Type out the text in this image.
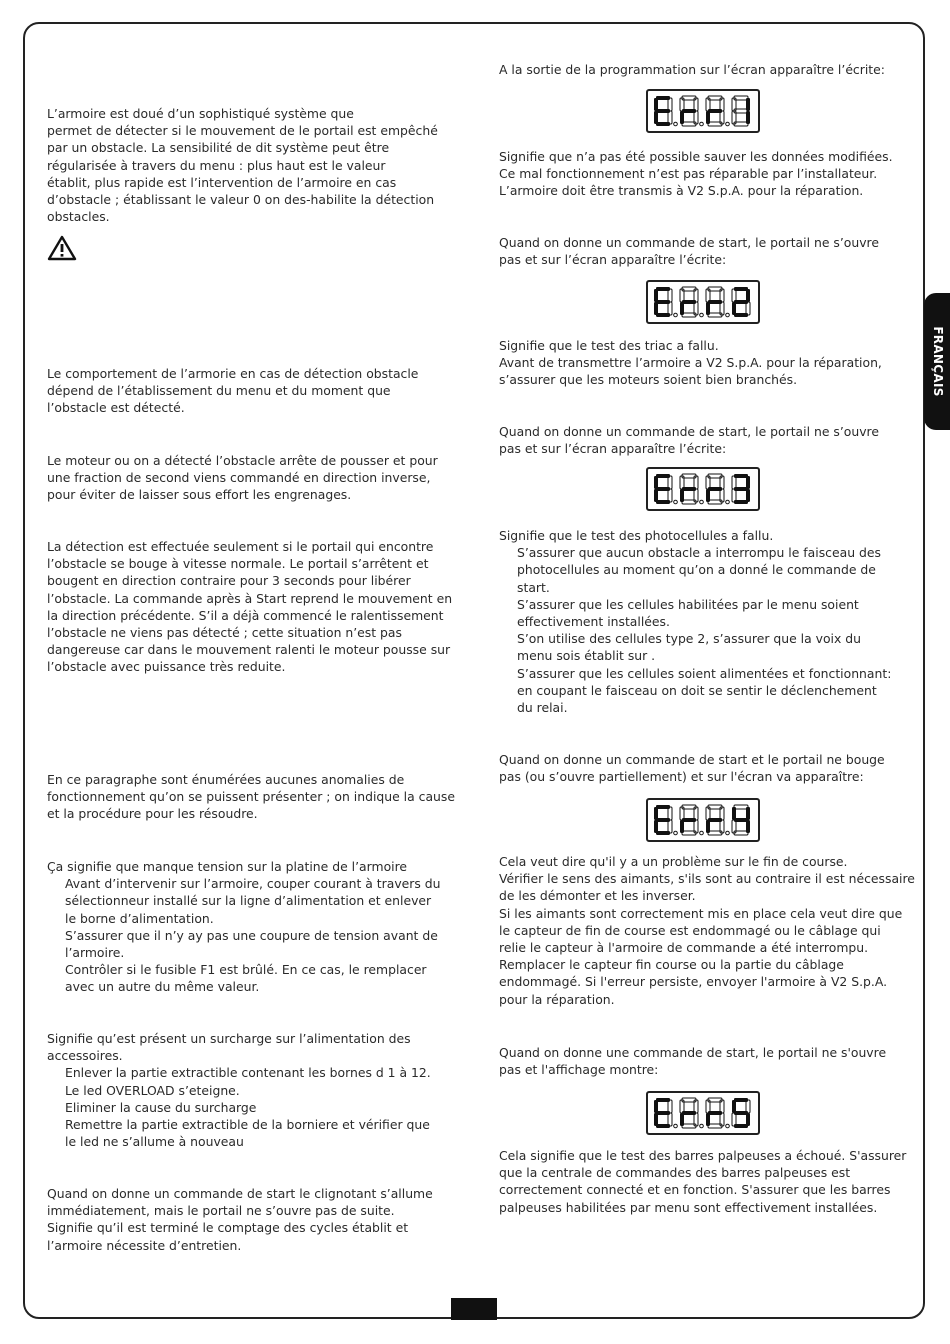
FRANÇAIS
L’armoire est doué d’un sophistiqué système que
permet de détecter si le mouvement de le portail est empêché
par un obstacle. La sensibilité de dit système peut être
régularisée à travers du menu : plus haut est le valeur
établit, plus rapide est l’intervention de l’armoire en cas
d’obstacle ; établissant le valeur 0 on des-habilite la détection
obstacles.
Le comportement de l’armorie en cas de détection obstacle
dépend de l’établissement du menu et du moment que
l’obstacle est détecté.
Le moteur ou on a détecté l’obstacle arrête de pousser et pour
une fraction de second viens commandé en direction inverse,
pour éviter de laisser sous effort les engrenages.
La détection est effectuée seulement si le portail qui encontre
l’obstacle se bouge à vitesse normale. Le portail s’arrêtent et
bougent en direction contraire pour 3 seconds pour libérer
l’obstacle. La commande après à Start reprend le mouvement en
la direction précédente. S’il a déjà commencé le ralentissement
l’obstacle ne viens pas détecté ; cette situation n’est pas
dangereuse car dans le mouvement ralenti le moteur pousse sur
l’obstacle avec puissance très reduite.
En ce paragraphe sont énumérées aucunes anomalies de
fonctionnement qu’on se puissent présenter ; on indique la cause
et la procédure pour les résoudre.
Ça signifie que manque tension sur la platine de l’armoire
Avant d’intervenir sur l’armoire, couper courant à travers du
sélectionneur installé sur la ligne d’alimentation et enlever
le borne d’alimentation.
S’assurer que il n’y ay pas une coupure de tension avant de
l’armoire.
Contrôler si le fusible F1 est brûlé. En ce cas, le remplacer
avec un autre du même valeur.
Signifie qu’est présent un surcharge sur l’alimentation des
accessoires.
Enlever la partie extractible contenant les bornes d 1 à 12.
Le led OVERLOAD s’eteigne.
Eliminer la cause du surcharge
Remettre la partie extractible de la borniere et vérifier que
le led ne s’allume à nouveau
Quand on donne un commande de start le clignotant s’allume
immédiatement, mais le portail ne s’ouvre pas de suite.
Signifie qu’il est terminé le comptage des cycles établit et
l’armoire nécessite d’entretien.
A la sortie de la programmation sur l’écran apparaître l’écrite:
Signifie que n’a pas été possible sauver les données modifiées.
Ce mal fonctionnement n’est pas réparable par l’installateur.
L’armoire doit être transmis à V2 S.p.A. pour la réparation.
Quand on donne un commande de start, le portail ne s’ouvre
pas et sur l’écran apparaître l’écrite:
Signifie que le test des triac a fallu.
Avant de transmettre l’armoire a V2 S.p.A. pour la réparation,
s’assurer que les moteurs soient bien branchés.
Quand on donne un commande de start, le portail ne s’ouvre
pas et sur l’écran apparaître l’écrite:
Signifie que le test des photocellules a fallu.
S’assurer que aucun obstacle a interrompu le faisceau des
photocellules au moment qu’on a donné le commande de
start.
S’assurer que les cellules habilitées par le menu soient
effectivement installées.
S’on utilise des cellules type 2, s’assurer que la voix du
menu sois établit sur .
S’assurer que les cellules soient alimentées et fonctionnant:
en coupant le faisceau on doit se sentir le déclenchement
du relai.
Quand on donne un commande de start et le portail ne bouge
pas (ou s’ouvre partiellement) et sur l'écran va apparaître:
Cela veut dire qu'il y a un problème sur le fin de course.
Vérifier le sens des aimants, s'ils sont au contraire il est nécessaire
de les démonter et les inverser.
Si les aimants sont correctement mis en place cela veut dire que
le capteur de fin de course est endommagé ou le câblage qui
relie le capteur à l'armoire de commande a été interrompu.
Remplacer le capteur fin course ou la partie du câblage
endommagé. Si l'erreur persiste, envoyer l'armoire à V2 S.p.A.
pour la réparation.
Quand on donne une commande de start, le portail ne s'ouvre
pas et l'affichage montre:
Cela signifie que le test des barres palpeuses a échoué. S'assurer
que la centrale de commandes des barres palpeuses est
correctement connecté et en fonction. S'assurer que les barres
palpeuses habilitées par menu sont effectivement installées.
